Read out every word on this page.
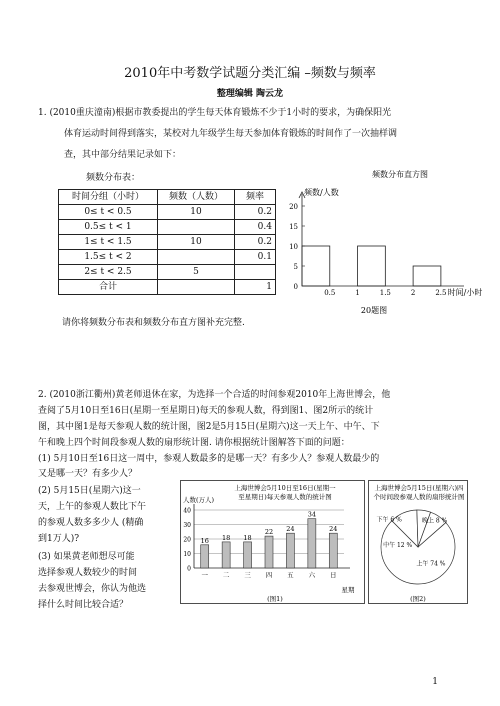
2010年中考数学试题分类汇编 –频数与频率
整理编辑 陶云龙
1. (2010重庆潼南)根据市教委提出的学生每天体育锻炼不少于1小时的要求，为确保阳光
体育运动时间得到落实，某校对九年级学生每天参加体育锻炼的时间作了一次抽样调
查，其中部分结果记录如下：
频数分布表：
时间分组（小时）	频数（人数）	频率
0≤ t < 0.5	10	0.2
0.5≤ t < 1		0.4
1≤ t < 1.5	10	0.2
1.5≤ t < 2		0.1
2≤ t < 2.5	5	
合计		1
频数分布直方图
频数/人数
0
5
10
15
20
0.5	1	1.5	2	2.5 时间/小时
20题图
请你将频数分布表和频数分布直方图补充完整.
2. (2010浙江衢州)黄老师退休在家，为选择一个合适的时间参观2010年上海世博会，他
查阅了5月10日至16日(星期一至星期日)每天的参观人数，得到图1、图2所示的统计
图，其中图1是每天参观人数的统计图，图2是5月15日(星期六)这一天上午、中午、下
午和晚上四个时间段参观人数的扇形统计图. 请你根据统计图解答下面的问题：
(1) 5月10日至16日这一周中，参观人数最多的是哪一天？有多少人？参观人数最少的
又是哪一天？有多少人？
(2) 5月15日(星期六)这一
天，上午的参观人数比下午
的参观人数多多少人 (精确
到1万人)?
(3) 如果黄老师想尽可能
选择参观人数较少的时间
去参观世博会，你认为他选
择什么时间比较合适？
上海世博会5月10日至16日(星期一
至星期日)每天参观人数的统计图
人数(万人)
0
10
20
30
40
16
一
18
二
18
三
22
四
24
五
34
六
24
日
星期
(图1)
上海世博会5月15日(星期六)四
个时间段参观人数的扇形统计图
上午 74 %
中午 12 %
下午 6 %	晚上 8 %
(图2)
1
